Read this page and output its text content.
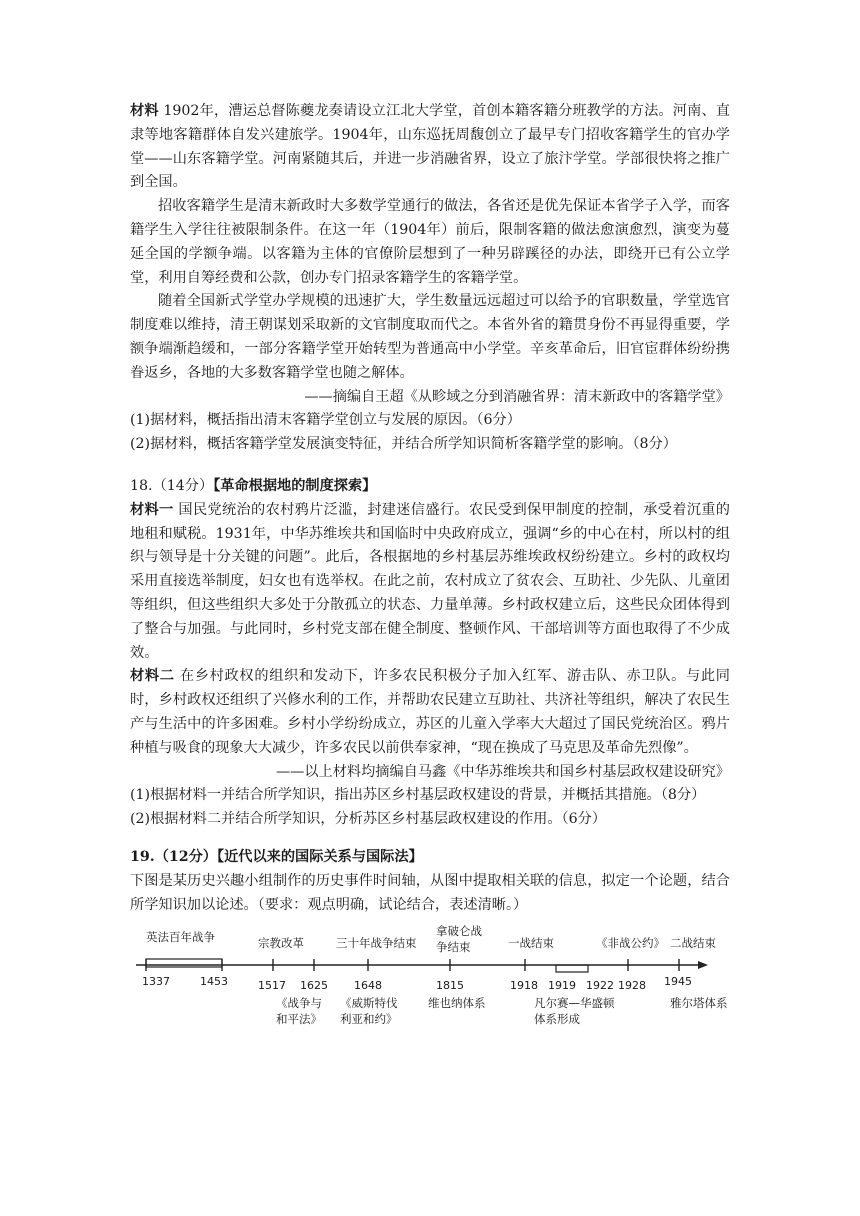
材料 1902年，漕运总督陈夔龙奏请设立江北大学堂，首创本籍客籍分班教学的方法。河南、直隶等地客籍群体自发兴建旅学。1904年，山东巡抚周馥创立了最早专门招收客籍学生的官办学堂——山东客籍学堂。河南紧随其后，并进一步消融省界，设立了旅汴学堂。学部很快将之推广到全国。

招收客籍学生是清末新政时大多数学堂通行的做法，各省还是优先保证本省学子入学，而客籍学生入学往往被限制条件。在这一年（1904年）前后，限制客籍的做法愈演愈烈，演变为蔓延全国的学额争端。以客籍为主体的官僚阶层想到了一种另辟蹊径的办法，即绕开已有公立学堂，利用自筹经费和公款，创办专门招录客籍学生的客籍学堂。

随着全国新式学堂办学规模的迅速扩大，学生数量远远超过可以给予的官职数量，学堂选官制度难以维持，清王朝谋划采取新的文官制度取而代之。本省外省的籍贯身份不再显得重要，学额争端渐趋缓和，一部分客籍学堂开始转型为普通高中小学堂。辛亥革命后，旧官宦群体纷纷携眷返乡，各地的大多数客籍学堂也随之解体。

——摘编自王超《从畛域之分到消融省界：清末新政中的客籍学堂》

(1)据材料，概括指出清末客籍学堂创立与发展的原因。（6分）

(2)据材料，概括客籍学堂发展演变特征，并结合所学知识简析客籍学堂的影响。（8分）

18.（14分）【革命根据地的制度探索】

材料一 国民党统治的农村鸦片泛滥，封建迷信盛行。农民受到保甲制度的控制，承受着沉重的地租和赋税。1931年，中华苏维埃共和国临时中央政府成立，强调“乡的中心在村，所以村的组织与领导是十分关键的问题”。此后，各根据地的乡村基层苏维埃政权纷纷建立。乡村的政权均采用直接选举制度，妇女也有选举权。在此之前，农村成立了贫农会、互助社、少先队、儿童团等组织，但这些组织大多处于分散孤立的状态、力量单薄。乡村政权建立后，这些民众团体得到了整合与加强。与此同时，乡村党支部在健全制度、整顿作风、干部培训等方面也取得了不少成效。

材料二 在乡村政权的组织和发动下，许多农民积极分子加入红军、游击队、赤卫队。与此同时，乡村政权还组织了兴修水利的工作，并帮助农民建立互助社、共济社等组织，解决了农民生产与生活中的许多困难。乡村小学纷纷成立，苏区的儿童入学率大大超过了国民党统治区。鸦片种植与吸食的现象大大减少，许多农民以前供奉家神，“现在换成了马克思及革命先烈像”。

——以上材料均摘编自马鑫《中华苏维埃共和国乡村基层政权建设研究》

(1)根据材料一并结合所学知识，指出苏区乡村基层政权建设的背景，并概括其措施。（8分）

(2)根据材料二并结合所学知识，分析苏区乡村基层政权建设的作用。（6分）

19.（12分）【近代以来的国际关系与国际法】

下图是某历史兴趣小组制作的历史事件时间轴，从图中提取相关联的信息，拟定一个论题，结合所学知识加以论述。（要求：观点明确，试论结合，表述清晰。）

英法百年战争	宗教改革	三十年战争结束
拿破仑战争结束	一战结束	《非战公约》 二战结束
1337	1453	1517 1625 1648	1815	1918 1919 1922 1928 1945
《战争与和平法》
《威斯特伐利亚和约》
维也纳体系	凡尔赛—华盛顿体系形成
雅尔塔体系
